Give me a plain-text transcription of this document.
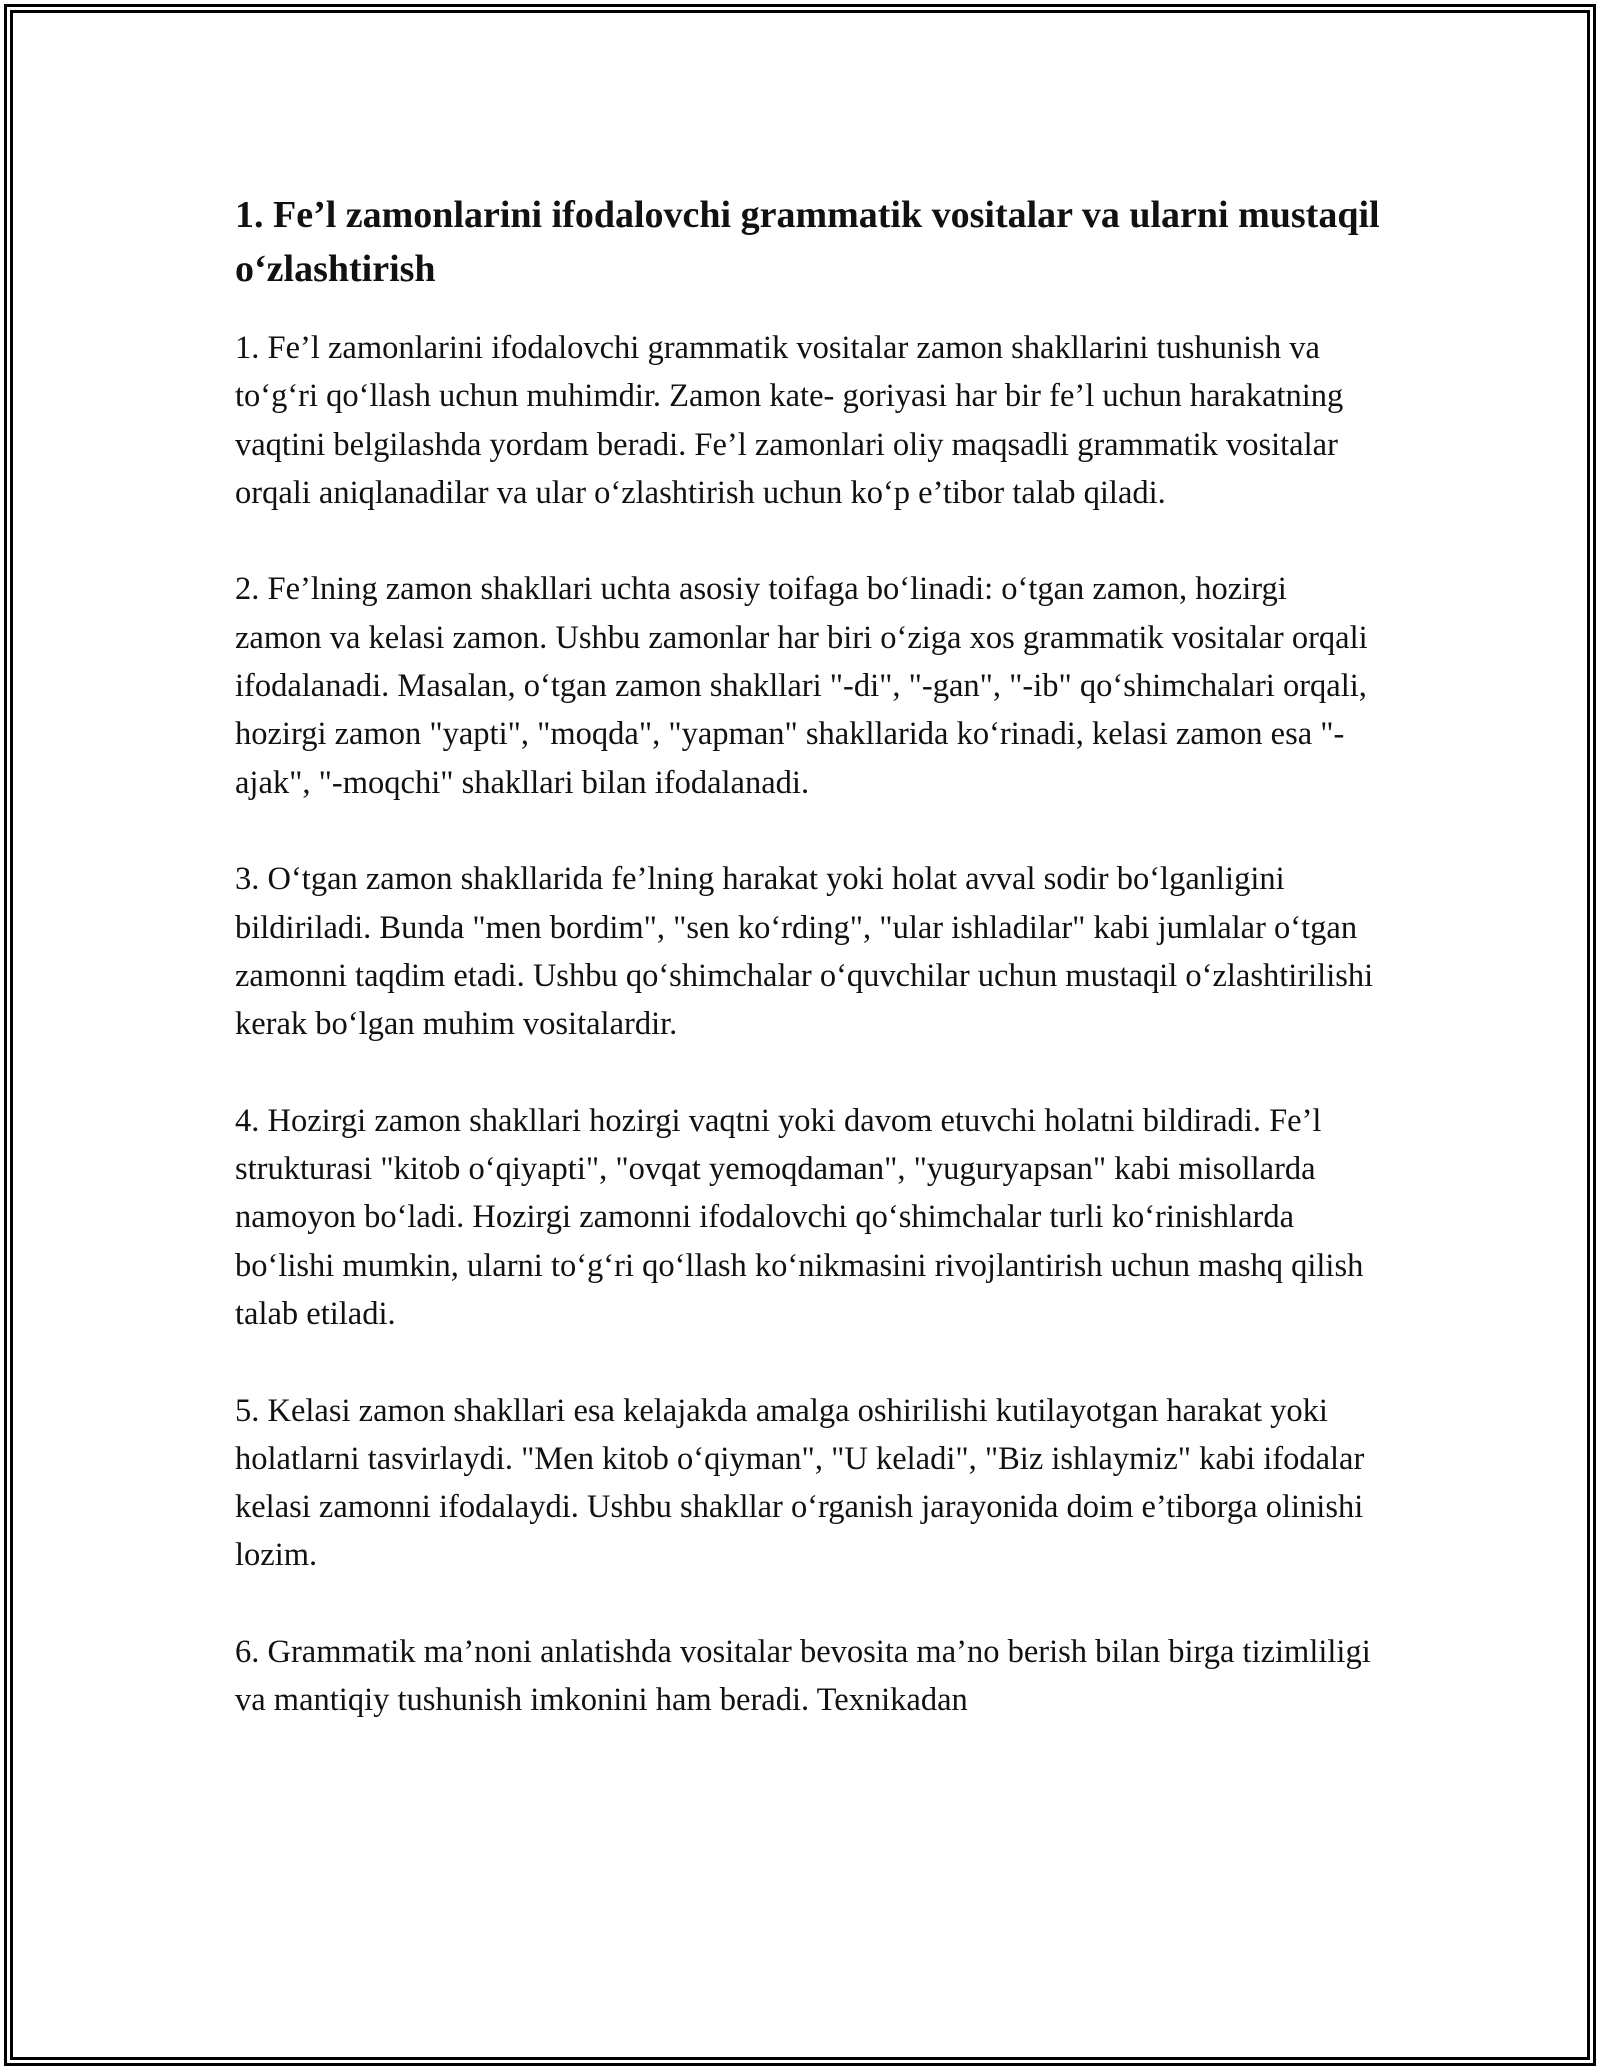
1. Fe’l zamonlarini ifodalovchi grammatik vositalar va ularni mustaqil o‘zlashtirish

1. Fe’l zamonlarini ifodalovchi grammatik vositalar zamon shakllarini tushunish va to‘g‘ri qo‘llash uchun muhimdir. Zamon kate- goriyasi har bir fe’l uchun harakatning vaqtini belgilashda yordam beradi. Fe’l zamonlari oliy maqsadli grammatik vositalar orqali aniqlanadilar va ular o‘zlashtirish uchun ko‘p e’tibor talab qiladi.

2. Fe’lning zamon shakllari uchta asosiy toifaga bo‘linadi: o‘tgan zamon, hozirgi zamon va kelasi zamon. Ushbu zamonlar har biri o‘ziga xos grammatik vositalar orqali ifodalanadi. Masalan, o‘tgan zamon shakllari "-di", "-gan", "-ib" qo‘shimchalari orqali, hozirgi zamon "yapti", "moqda", "yapman" shakllarida ko‘rinadi, kelasi zamon esa "-ajak", "-moqchi" shakllari bilan ifodalanadi.

3. O‘tgan zamon shakllarida fe’lning harakat yoki holat avval sodir bo‘lganligini bildiriladi. Bunda "men bordim", "sen ko‘rding", "ular ishladilar" kabi jumlalar o‘tgan zamonni taqdim etadi. Ushbu qo‘shimchalar o‘quvchilar uchun mustaqil o‘zlashtirilishi kerak bo‘lgan muhim vositalardir.

4. Hozirgi zamon shakllari hozirgi vaqtni yoki davom etuvchi holatni bildiradi. Fe’l strukturasi "kitob o‘qiyapti", "ovqat yemoqdaman", "yuguryapsan" kabi misollarda namoyon bo‘ladi. Hozirgi zamonni ifodalovchi qo‘shimchalar turli ko‘rinishlarda bo‘lishi mumkin, ularni to‘g‘ri qo‘llash ko‘nikmasini rivojlantirish uchun mashq qilish talab etiladi.

5. Kelasi zamon shakllari esa kelajakda amalga oshirilishi kutilayotgan harakat yoki holatlarni tasvirlaydi. "Men kitob o‘qiyman", "U keladi", "Biz ishlaymiz" kabi ifodalar kelasi zamonni ifodalaydi. Ushbu shakllar o‘rganish jarayonida doim e’tiborga olinishi lozim.

6. Grammatik ma’noni anlatishda vositalar bevosita ma’no berish bilan birga tizimliligi va mantiqiy tushunish imkonini ham beradi. Texnikadan
